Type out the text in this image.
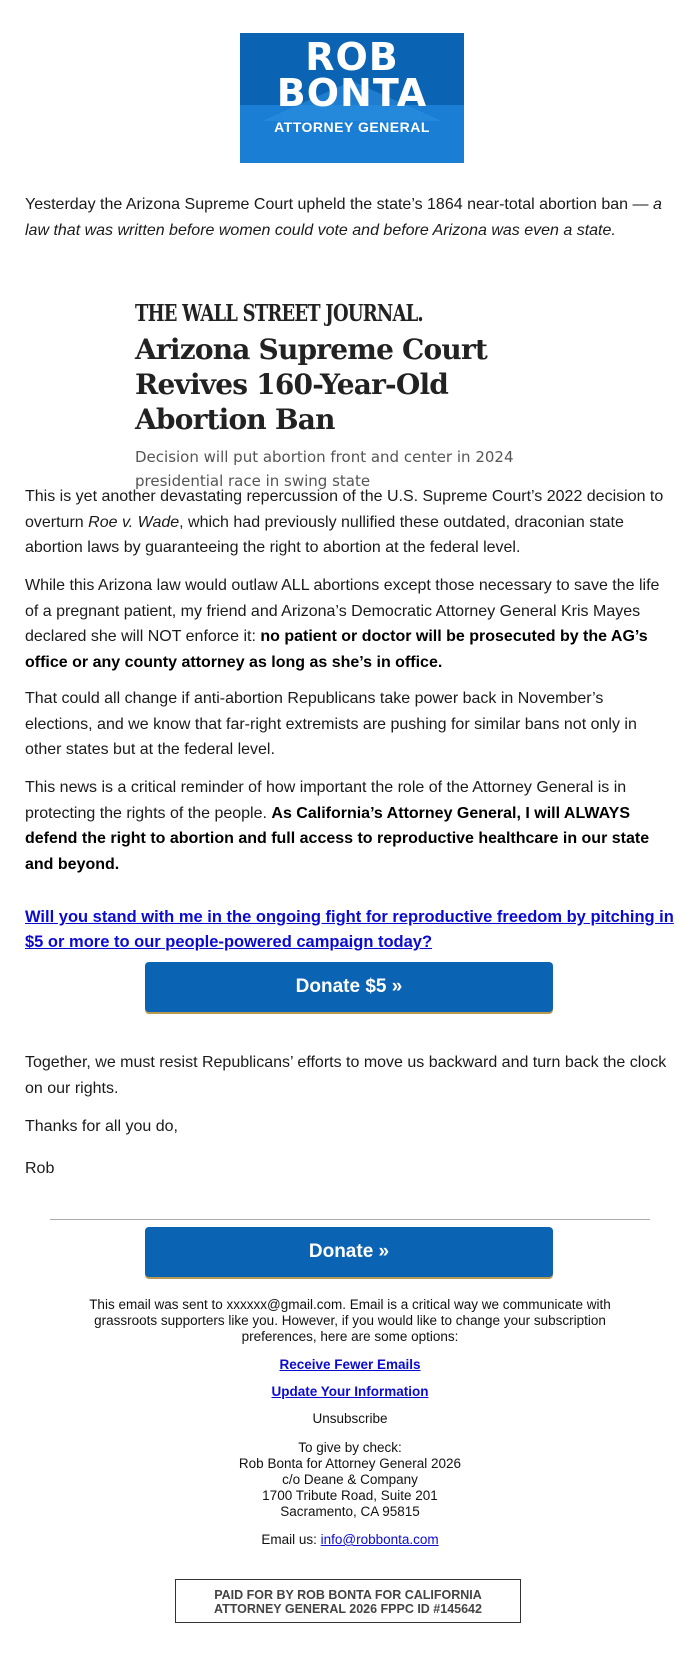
ROB
BONTA
ATTORNEY GENERAL

Yesterday the Arizona Supreme Court upheld the state’s 1864 near-total abortion ban — a law that was written before women could vote and before Arizona was even a state.

THE WALL STREET JOURNAL.
Arizona Supreme Court Revives 160-Year-Old Abortion Ban
Decision will put abortion front and center in 2024 presidential race in swing state

This is yet another devastating repercussion of the U.S. Supreme Court’s 2022 decision to overturn Roe v. Wade, which had previously nullified these outdated, draconian state abortion laws by guaranteeing the right to abortion at the federal level.

While this Arizona law would outlaw ALL abortions except those necessary to save the life of a pregnant patient, my friend and Arizona’s Democratic Attorney General Kris Mayes declared she will NOT enforce it: no patient or doctor will be prosecuted by the AG’s office or any county attorney as long as she’s in office.

That could all change if anti-abortion Republicans take power back in November’s elections, and we know that far-right extremists are pushing for similar bans not only in other states but at the federal level.

This news is a critical reminder of how important the role of the Attorney General is in protecting the rights of the people. As California’s Attorney General, I will ALWAYS defend the right to abortion and full access to reproductive healthcare in our state and beyond.

Will you stand with me in the ongoing fight for reproductive freedom by pitching in $5 or more to our people-powered campaign today?
Donate $5 »

Together, we must resist Republicans’ efforts to move us backward and turn back the clock on our rights.

Thanks for all you do,

Rob

Donate »
This email was sent to xxxxxx@gmail.com. Email is a critical way we communicate with grassroots supporters like you. However, if you would like to change your subscription preferences, here are some options:
Receive Fewer Emails
Update Your Information
Unsubscribe
To give by check:
Rob Bonta for Attorney General 2026
c/o Deane & Company
1700 Tribute Road, Suite 201
Sacramento, CA 95815
Email us: info@robbonta.com
PAID FOR BY ROB BONTA FOR CALIFORNIA
ATTORNEY GENERAL 2026 FPPC ID #145642
